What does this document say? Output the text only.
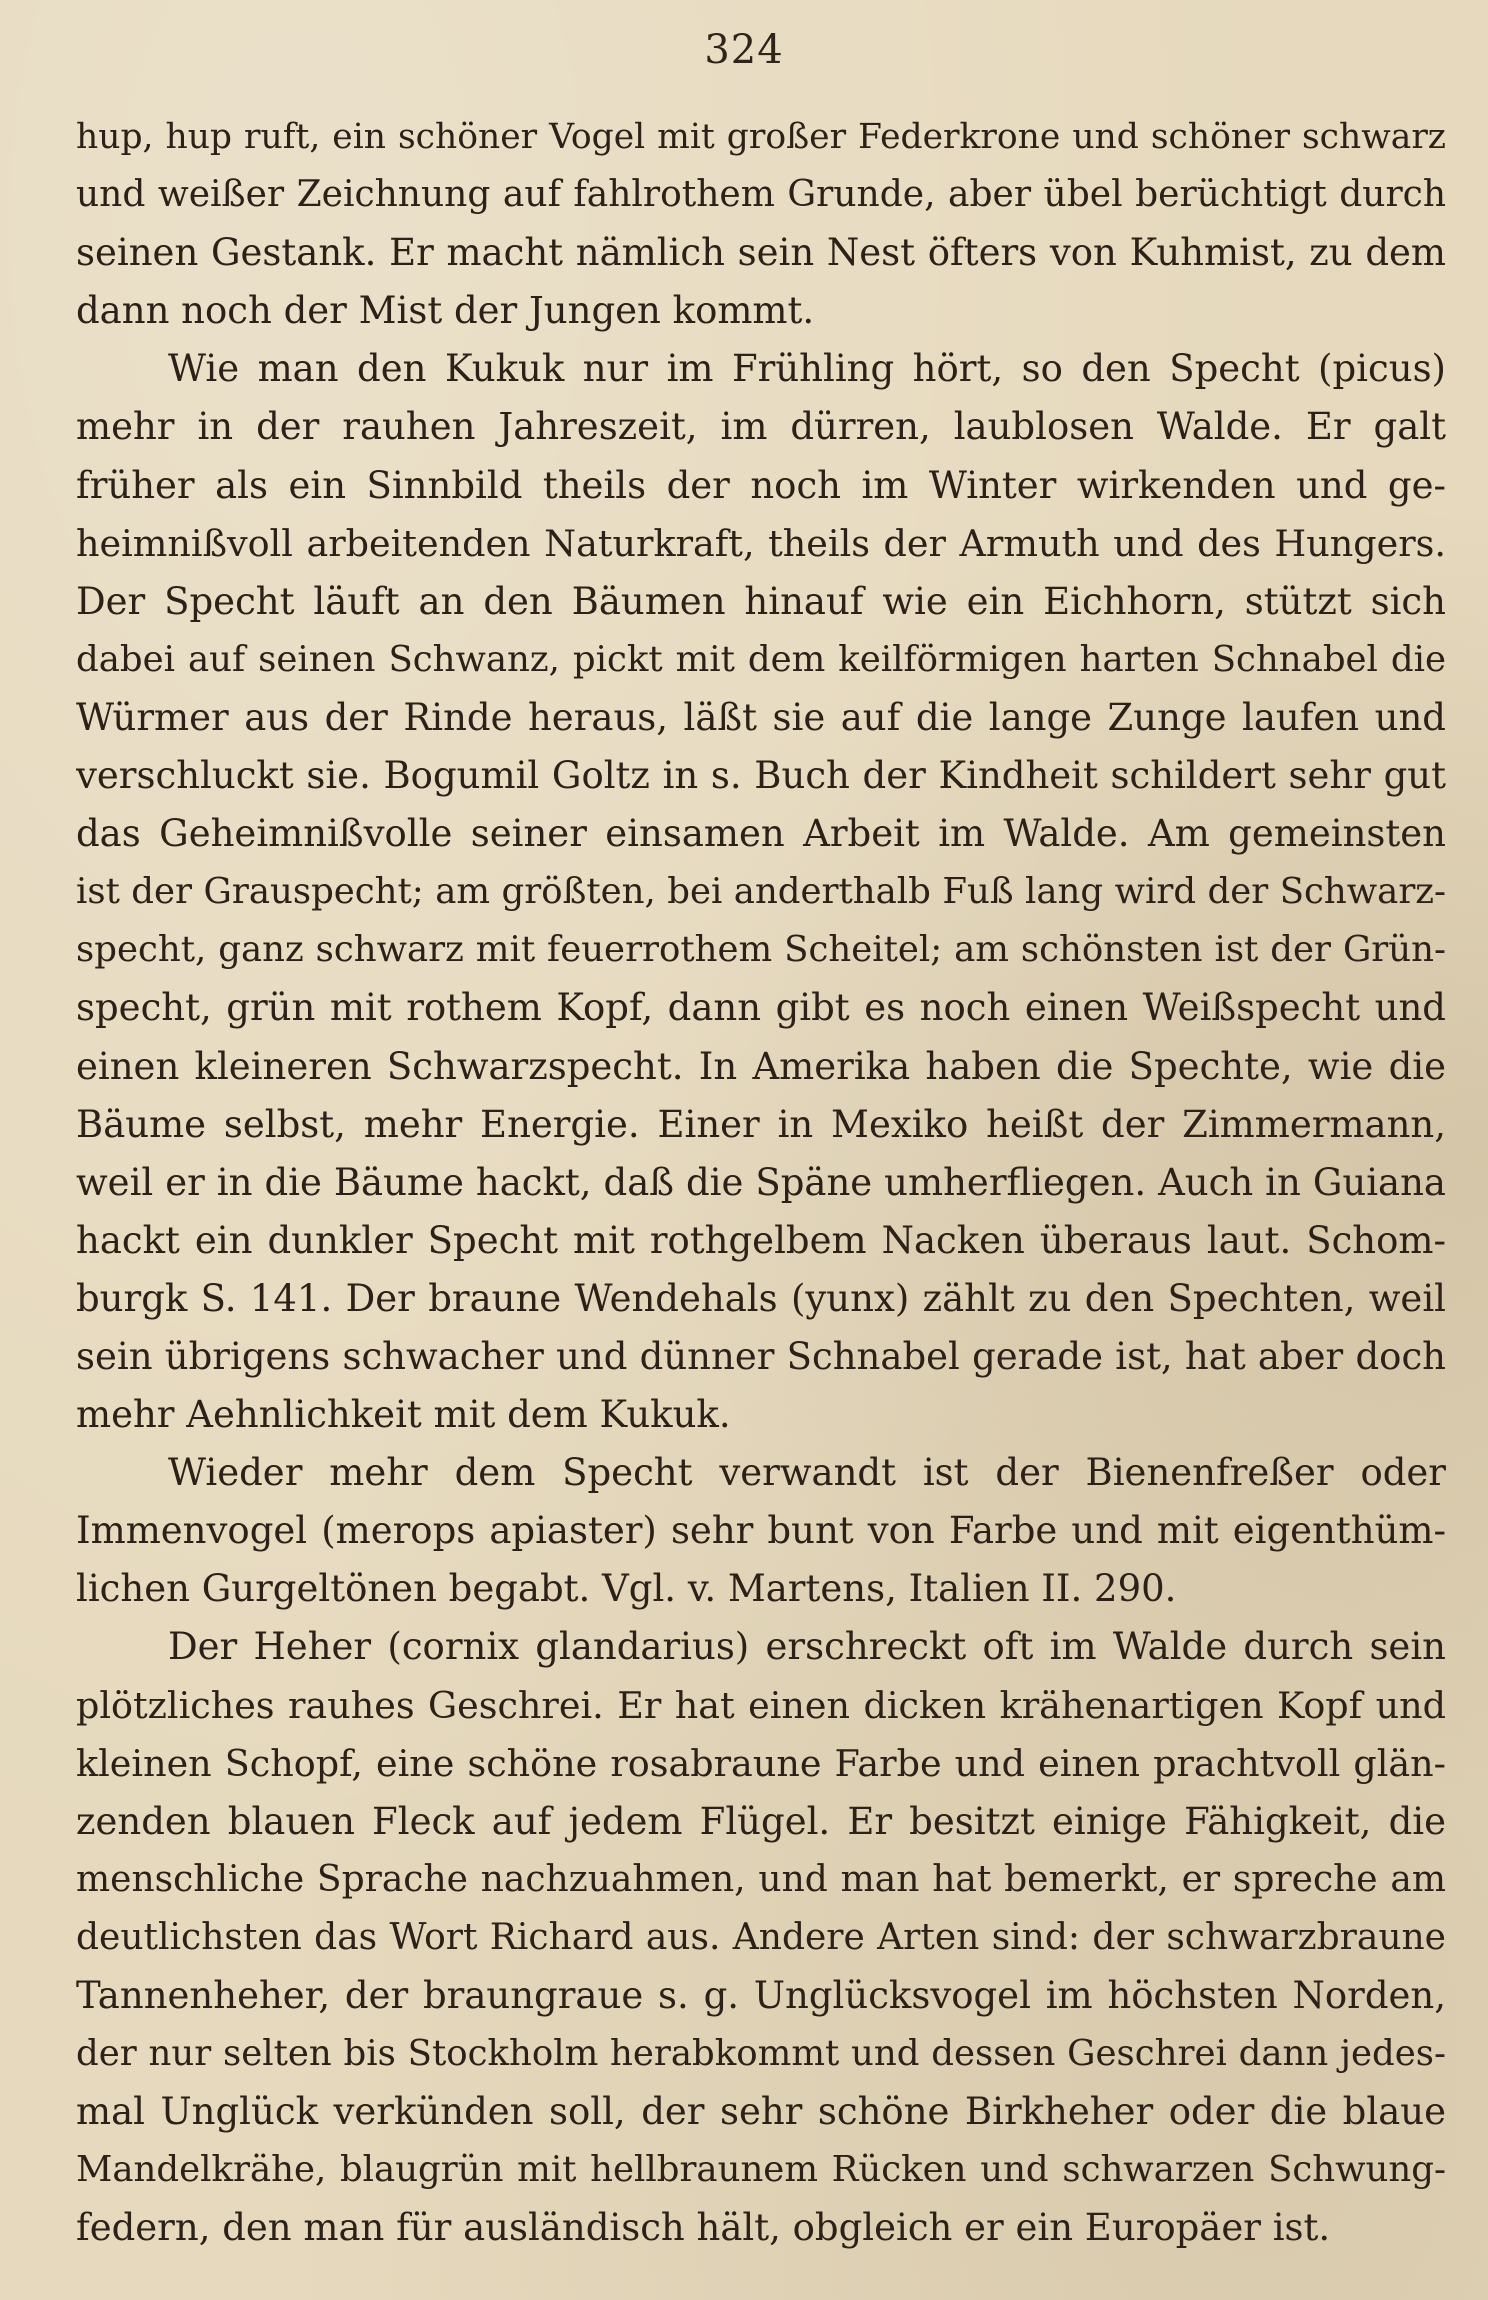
324
hup, hup ruft, ein schöner Vogel mit großer Federkrone und schöner schwarz
und weißer Zeichnung auf fahlrothem Grunde, aber übel berüchtigt durch
seinen Gestank. Er macht nämlich sein Nest öfters von Kuhmist, zu dem
dann noch der Mist der Jungen kommt.
Wie man den Kukuk nur im Frühling hört, so den Specht (picus)
mehr in der rauhen Jahreszeit, im dürren, laublosen Walde. Er galt
früher als ein Sinnbild theils der noch im Winter wirkenden und ge-
heimnißvoll arbeitenden Naturkraft, theils der Armuth und des Hungers.
Der Specht läuft an den Bäumen hinauf wie ein Eichhorn, stützt sich
dabei auf seinen Schwanz, pickt mit dem keilförmigen harten Schnabel die
Würmer aus der Rinde heraus, läßt sie auf die lange Zunge laufen und
verschluckt sie. Bogumil Goltz in s. Buch der Kindheit schildert sehr gut
das Geheimnißvolle seiner einsamen Arbeit im Walde. Am gemeinsten
ist der Grauspecht; am größten, bei anderthalb Fuß lang wird der Schwarz-
specht, ganz schwarz mit feuerrothem Scheitel; am schönsten ist der Grün-
specht, grün mit rothem Kopf, dann gibt es noch einen Weißspecht und
einen kleineren Schwarzspecht. In Amerika haben die Spechte, wie die
Bäume selbst, mehr Energie. Einer in Mexiko heißt der Zimmermann,
weil er in die Bäume hackt, daß die Späne umherfliegen. Auch in Guiana
hackt ein dunkler Specht mit rothgelbem Nacken überaus laut. Schom-
burgk S. 141. Der braune Wendehals (yunx) zählt zu den Spechten, weil
sein übrigens schwacher und dünner Schnabel gerade ist, hat aber doch
mehr Aehnlichkeit mit dem Kukuk.
Wieder mehr dem Specht verwandt ist der Bienenfreßer oder
Immenvogel (merops apiaster) sehr bunt von Farbe und mit eigenthüm-
lichen Gurgeltönen begabt. Vgl. v. Martens, Italien II. 290.
Der Heher (cornix glandarius) erschreckt oft im Walde durch sein
plötzliches rauhes Geschrei. Er hat einen dicken krähenartigen Kopf und
kleinen Schopf, eine schöne rosabraune Farbe und einen prachtvoll glän-
zenden blauen Fleck auf jedem Flügel. Er besitzt einige Fähigkeit, die
menschliche Sprache nachzuahmen, und man hat bemerkt, er spreche am
deutlichsten das Wort Richard aus. Andere Arten sind: der schwarzbraune
Tannenheher, der braungraue s. g. Unglücksvogel im höchsten Norden,
der nur selten bis Stockholm herabkommt und dessen Geschrei dann jedes-
mal Unglück verkünden soll, der sehr schöne Birkheher oder die blaue
Mandelkrähe, blaugrün mit hellbraunem Rücken und schwarzen Schwung-
federn, den man für ausländisch hält, obgleich er ein Europäer ist.
